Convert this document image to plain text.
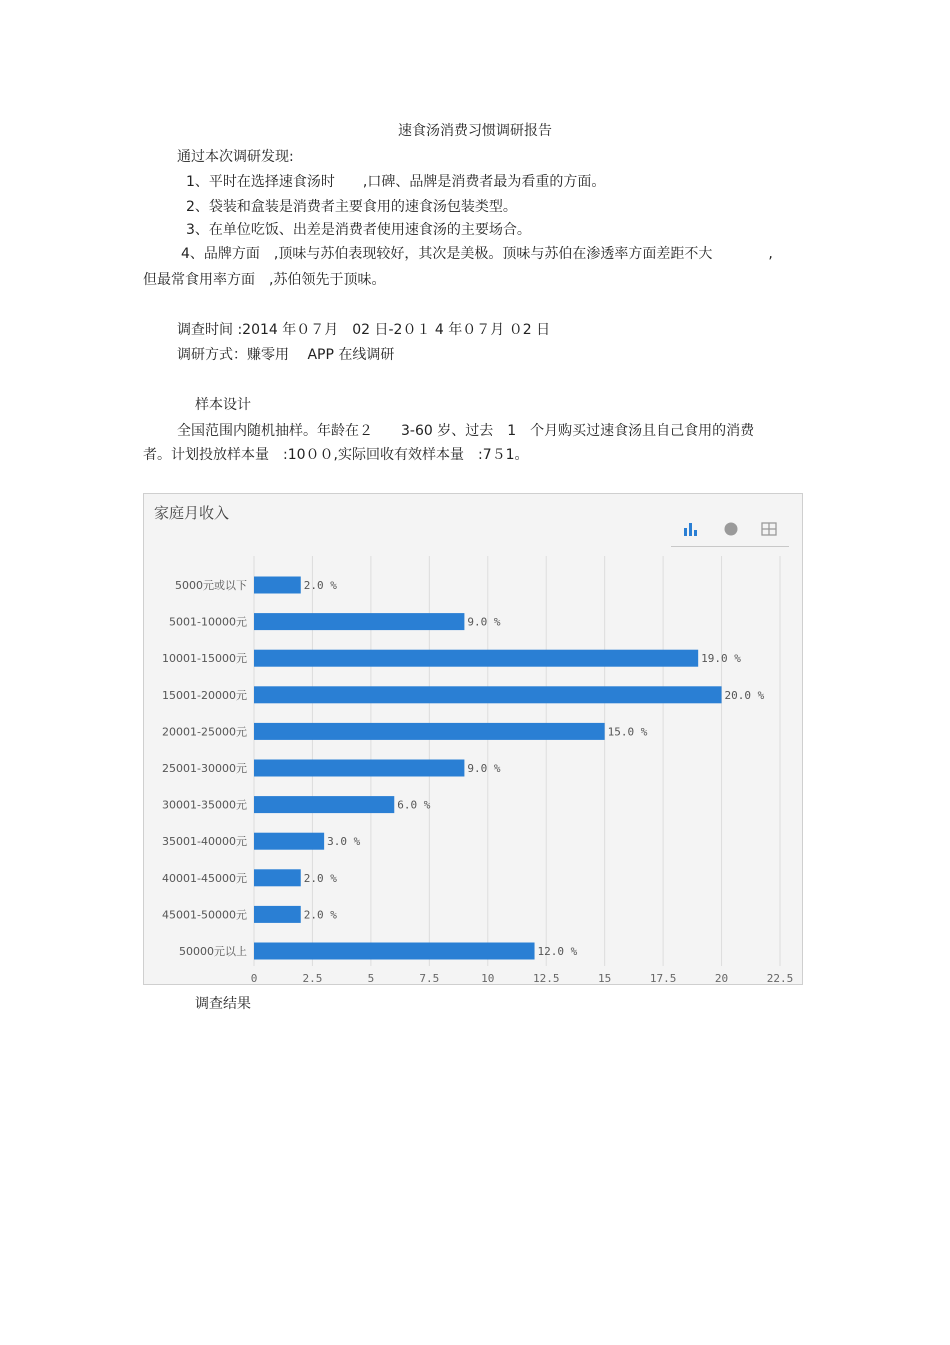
速食汤消费习惯调研报告
通过本次调研发现:
1、平时在选择速食汤时　　,口碑、品牌是消费者最为看重的方面。
2、袋装和盒装是消费者主要食用的速食汤包装类型。
3、在单位吃饭、出差是消费者使用速食汤的主要场合。
4、品牌方面　,顶味与苏伯表现较好，其次是美极。顶味与苏伯在渗透率方面差距不大　　　　,
但最常食用率方面　,苏伯领先于顶味。
调查时间 :2014 年０７月　02 日-2０１ 4 年０７月 ０2 日
调研方式：赚零用　 APP 在线调研
样本设计
全国范围内随机抽样。年龄在２　　3-60 岁、过去　1　个月购买过速食汤且自己食用的消费
者。计划投放样本量　:10００,实际回收有效样本量　:7５1。
家庭月收入
0	2.5	5	7.5	10	12.5	15	17.5	20	22.5
5000元或以下	2.0 %
5001-10000元	9.0 %
10001-15000元	19.0 %
15001-20000元	20.0 %
20001-25000元	15.0 %
25001-30000元	9.0 %
30001-35000元	6.0 %
35001-40000元	3.0 %
40001-45000元	2.0 %
45001-50000元	2.0 %
50000元以上	12.0 %
调查结果
